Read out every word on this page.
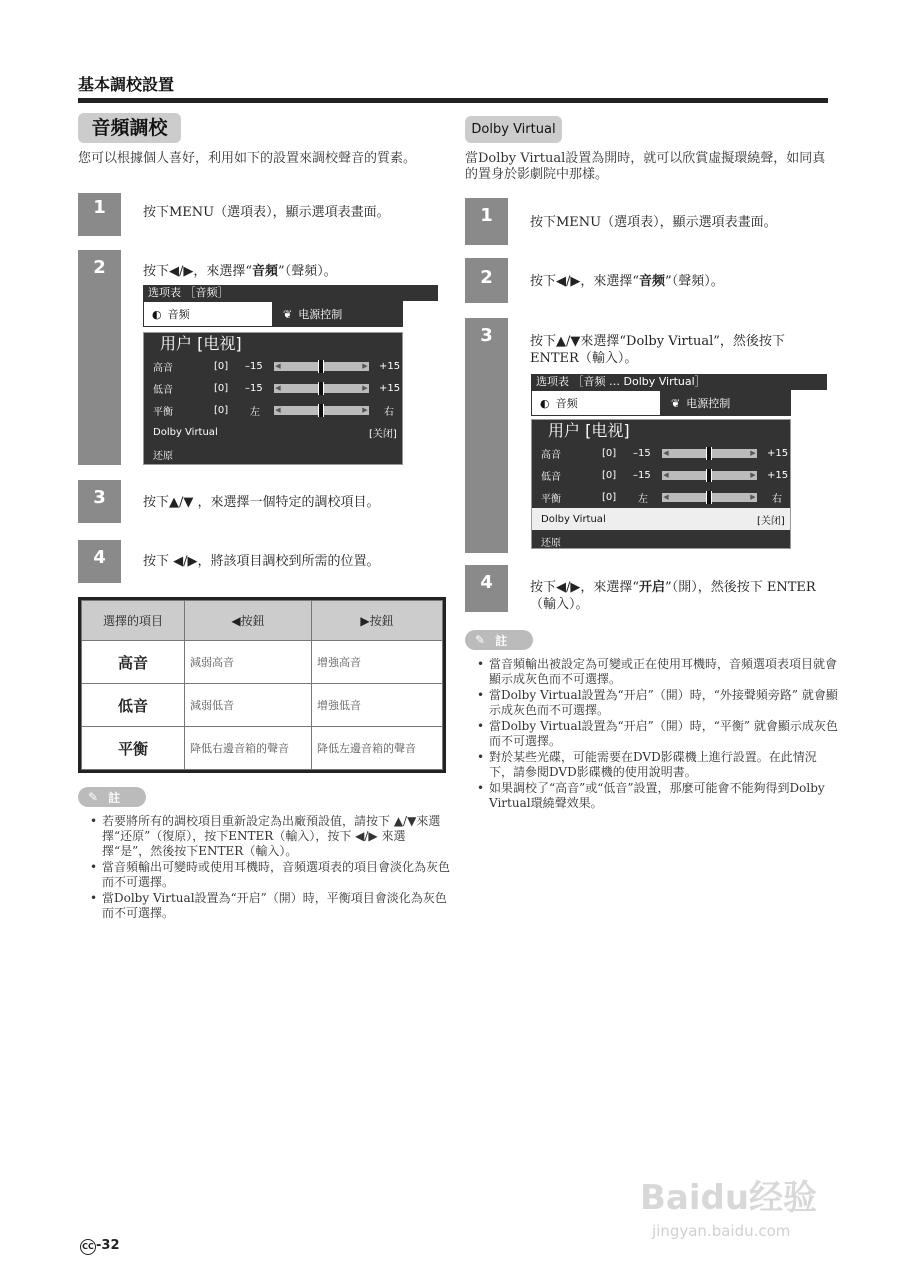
基本調校設置
音頻調校
您可以根據個人喜好，利用如下的設置來調校聲音的質素。
1	按下MENU（選項表），顯示選項表畫面。
2	按下◀/▶，來選擇“音頻”（聲頻）。
选项表 ［音频］
◐ 音频	❦ 电源控制
用户 [电视]
高音	[0] –15 ◀	▶ +15
低音	[0] –15 ◀	▶ +15
平衡	[0] 左 ◀	▶ 右
Dolby Virtual	[关闭]
还原
3	按下▲/▼ ，來選擇一個特定的調校項目。
4	按下 ◀/▶，將該項目調校到所需的位置。
選擇的項目	◀按鈕	▶按鈕
高音	減弱高音	增強高音
低音	減弱低音	增強低音
平衡	降低右邊音箱的聲音	降低左邊音箱的聲音
✎ 註
• 若要將所有的調校項目重新設定為出廠預設值，請按下 ▲/▼來選擇“还原”（復原），按下ENTER（輸入），按下 ◀/▶ 來選擇“是”，然後按下ENTER（輸入）。
• 當音頻輸出可變時或使用耳機時，音頻選項表的項目會淡化為灰色而不可選擇。
• 當Dolby Virtual設置為“开启”（開）時，平衡項目會淡化為灰色而不可選擇。
Dolby Virtual
當Dolby Virtual設置為開時，就可以欣賞虛擬環繞聲，如同真的置身於影劇院中那樣。
1	按下MENU（選項表），顯示選項表畫面。
2	按下◀/▶，來選擇“音频”（聲頻）。
3	按下▲/▼來選擇“Dolby Virtual”，然後按下ENTER（輸入）。
选项表 ［音频 … Dolby Virtual］
◐ 音频	❦ 电源控制
用户 [电视]
高音	[0] –15 ◀	▶ +15
低音	[0] –15 ◀	▶ +15
平衡	[0] 左 ◀	▶ 右
Dolby Virtual	[关闭]
还原
4	按下◀/▶，來選擇“开启”（開），然後按下 ENTER（輸入）。
✎ 註
• 當音頻輸出被設定為可變或正在使用耳機時，音頻選項表項目就會顯示成灰色而不可選擇。
• 當Dolby Virtual設置為“开启”（開）時，“外接聲頻旁路” 就會顯示成灰色而不可選擇。
• 當Dolby Virtual設置為“开启”（開）時，“平衡” 就會顯示成灰色而不可選擇。
• 對於某些光碟，可能需要在DVD影碟機上進行設置。在此情況下，請參閱DVD影碟機的使用說明書。
• 如果調校了“高音”或“低音”設置，那麼可能會不能夠得到Dolby Virtual環繞聲效果。
CC -32
Baidu经验
jingyan.baidu.com
